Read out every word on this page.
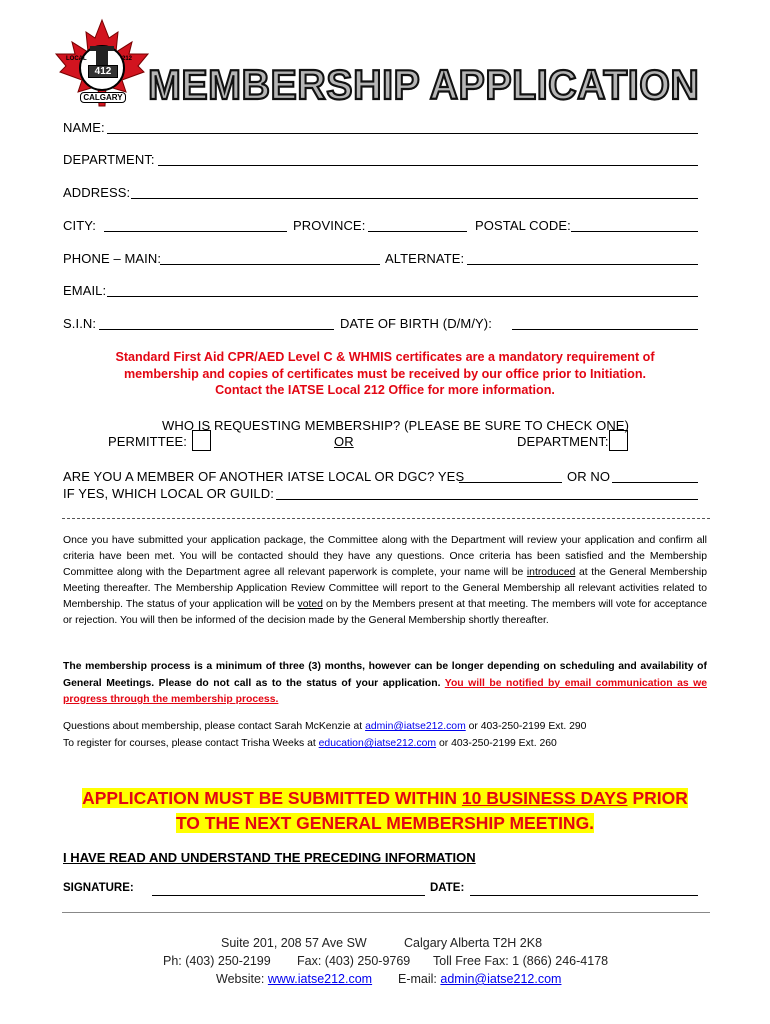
412
LOCAL	212
CALGARY MEMBERSHIP APPLICATION
NAME:
DEPARTMENT:
ADDRESS:
CITY:	PROVINCE:	POSTAL CODE:
PHONE – MAIN:	ALTERNATE:
EMAIL:
S.I.N:	DATE OF BIRTH (D/M/Y):
Standard First Aid CPR/AED Level C & WHMIS certificates are a mandatory requirement of
membership and copies of certificates must be received by our office prior to Initiation.
Contact the IATSE Local 212 Office for more information.
WHO IS REQUESTING MEMBERSHIP? (PLEASE BE SURE TO CHECK ONE)
PERMITTEE:	OR	DEPARTMENT:
ARE YOU A MEMBER OF ANOTHER IATSE LOCAL OR DGC? YES	OR NO
IF YES, WHICH LOCAL OR GUILD:
Once you have submitted your application package, the Committee along with the Department will review your application and confirm all criteria have been met. You will be contacted should they have any questions. Once criteria has been satisfied and the Membership Committee along with the Department agree all relevant paperwork is complete, your name will be introduced at the General Membership Meeting thereafter. The Membership Application Review Committee will report to the General Membership all relevant activities related to Membership. The status of your application will be voted on by the Members present at that meeting. The members will vote for acceptance or rejection. You will then be informed of the decision made by the General Membership shortly thereafter.
The membership process is a minimum of three (3) months, however can be longer depending on scheduling and availability of General Meetings. Please do not call as to the status of your application. You will be notified by email communication as we progress through the membership process.
Questions about membership, please contact Sarah McKenzie at admin@iatse212.com or 403-250-2199 Ext. 290
To register for courses, please contact Trisha Weeks at education@iatse212.com or 403-250-2199 Ext. 260
APPLICATION MUST BE SUBMITTED WITHIN 10 BUSINESS DAYS PRIOR
TO THE NEXT GENERAL MEMBERSHIP MEETING.
I HAVE READ AND UNDERSTAND THE PRECEDING INFORMATION
SIGNATURE:	DATE:
Suite 201, 208 57 Ave SW	Calgary Alberta T2H 2K8
Ph: (403) 250-2199 Fax: (403) 250-9769 Toll Free Fax: 1 (866) 246-4178
Website: www.iatse212.com E-mail: admin@iatse212.com
